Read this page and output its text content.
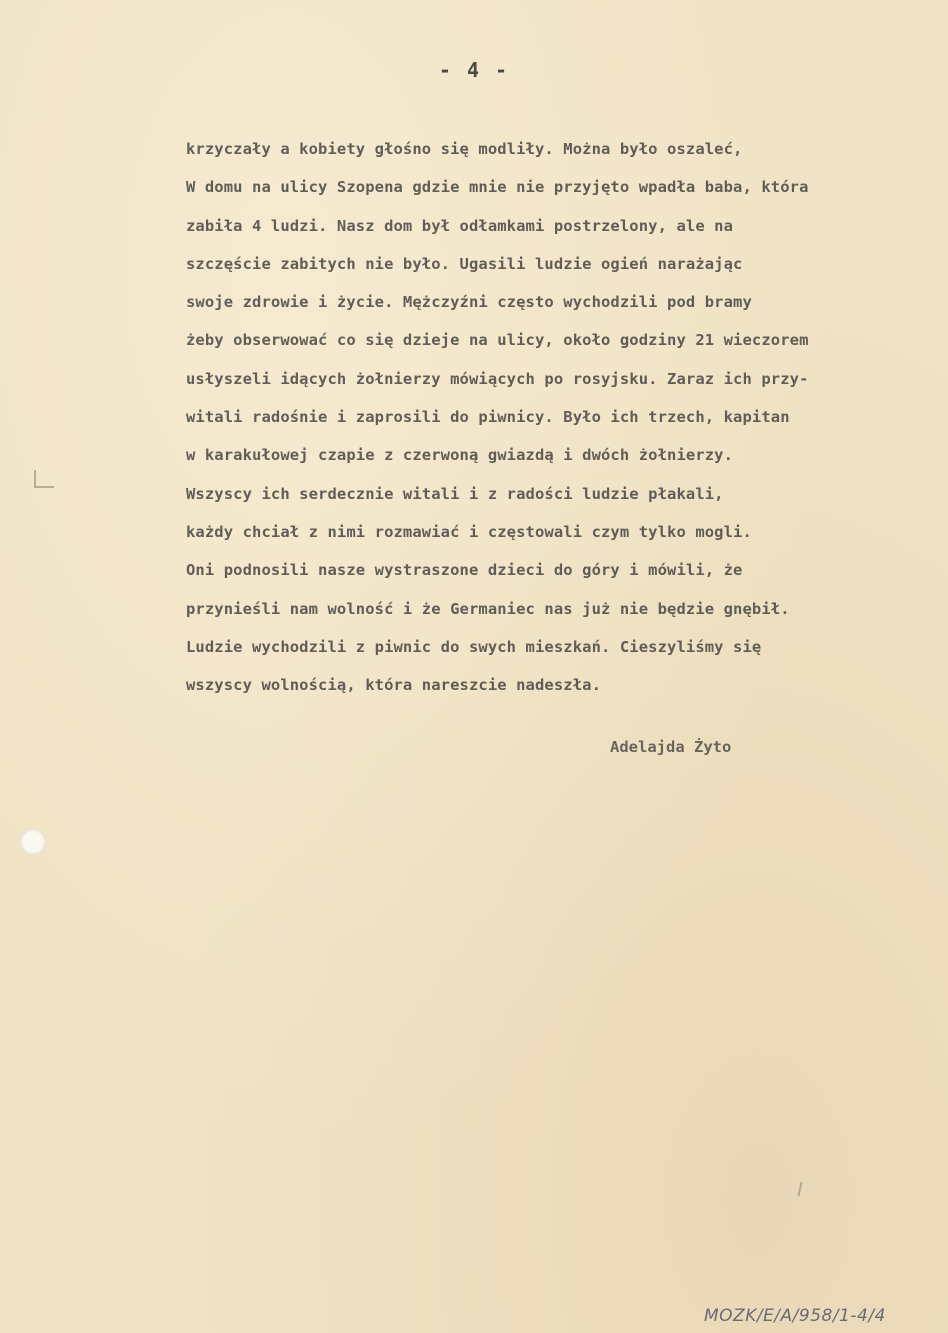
- 4 -
krzyczały a kobiety głośno się modliły. Można było oszaleć,
W domu na ulicy Szopena gdzie mnie nie przyjęto wpadła baba, która
zabiła 4 ludzi. Nasz dom był odłamkami postrzelony, ale na
szczęście zabitych nie było. Ugasili ludzie ogień narażając
swoje zdrowie i życie. Mężczyźni często wychodzili pod bramy
żeby obserwować co się dzieje na ulicy, około godziny 21 wieczorem
usłyszeli idących żołnierzy mówiących po rosyjsku. Zaraz ich przy-
witali radośnie i zaprosili do piwnicy. Było ich trzech, kapitan
w karakułowej czapie z czerwoną gwiazdą i dwóch żołnierzy.
Wszyscy ich serdecznie witali i z radości ludzie płakali,
każdy chciał z nimi rozmawiać i częstowali czym tylko mogli.
Oni podnosili nasze wystraszone dzieci do góry i mówili, że
przynieśli nam wolność i że Germaniec nas już nie będzie gnębił.
Ludzie wychodzili z piwnic do swych mieszkań. Cieszyliśmy się
wszyscy wolnością, która nareszcie nadeszła.
Adelajda Żyto
MOZK/E/A/958/1-4/4
